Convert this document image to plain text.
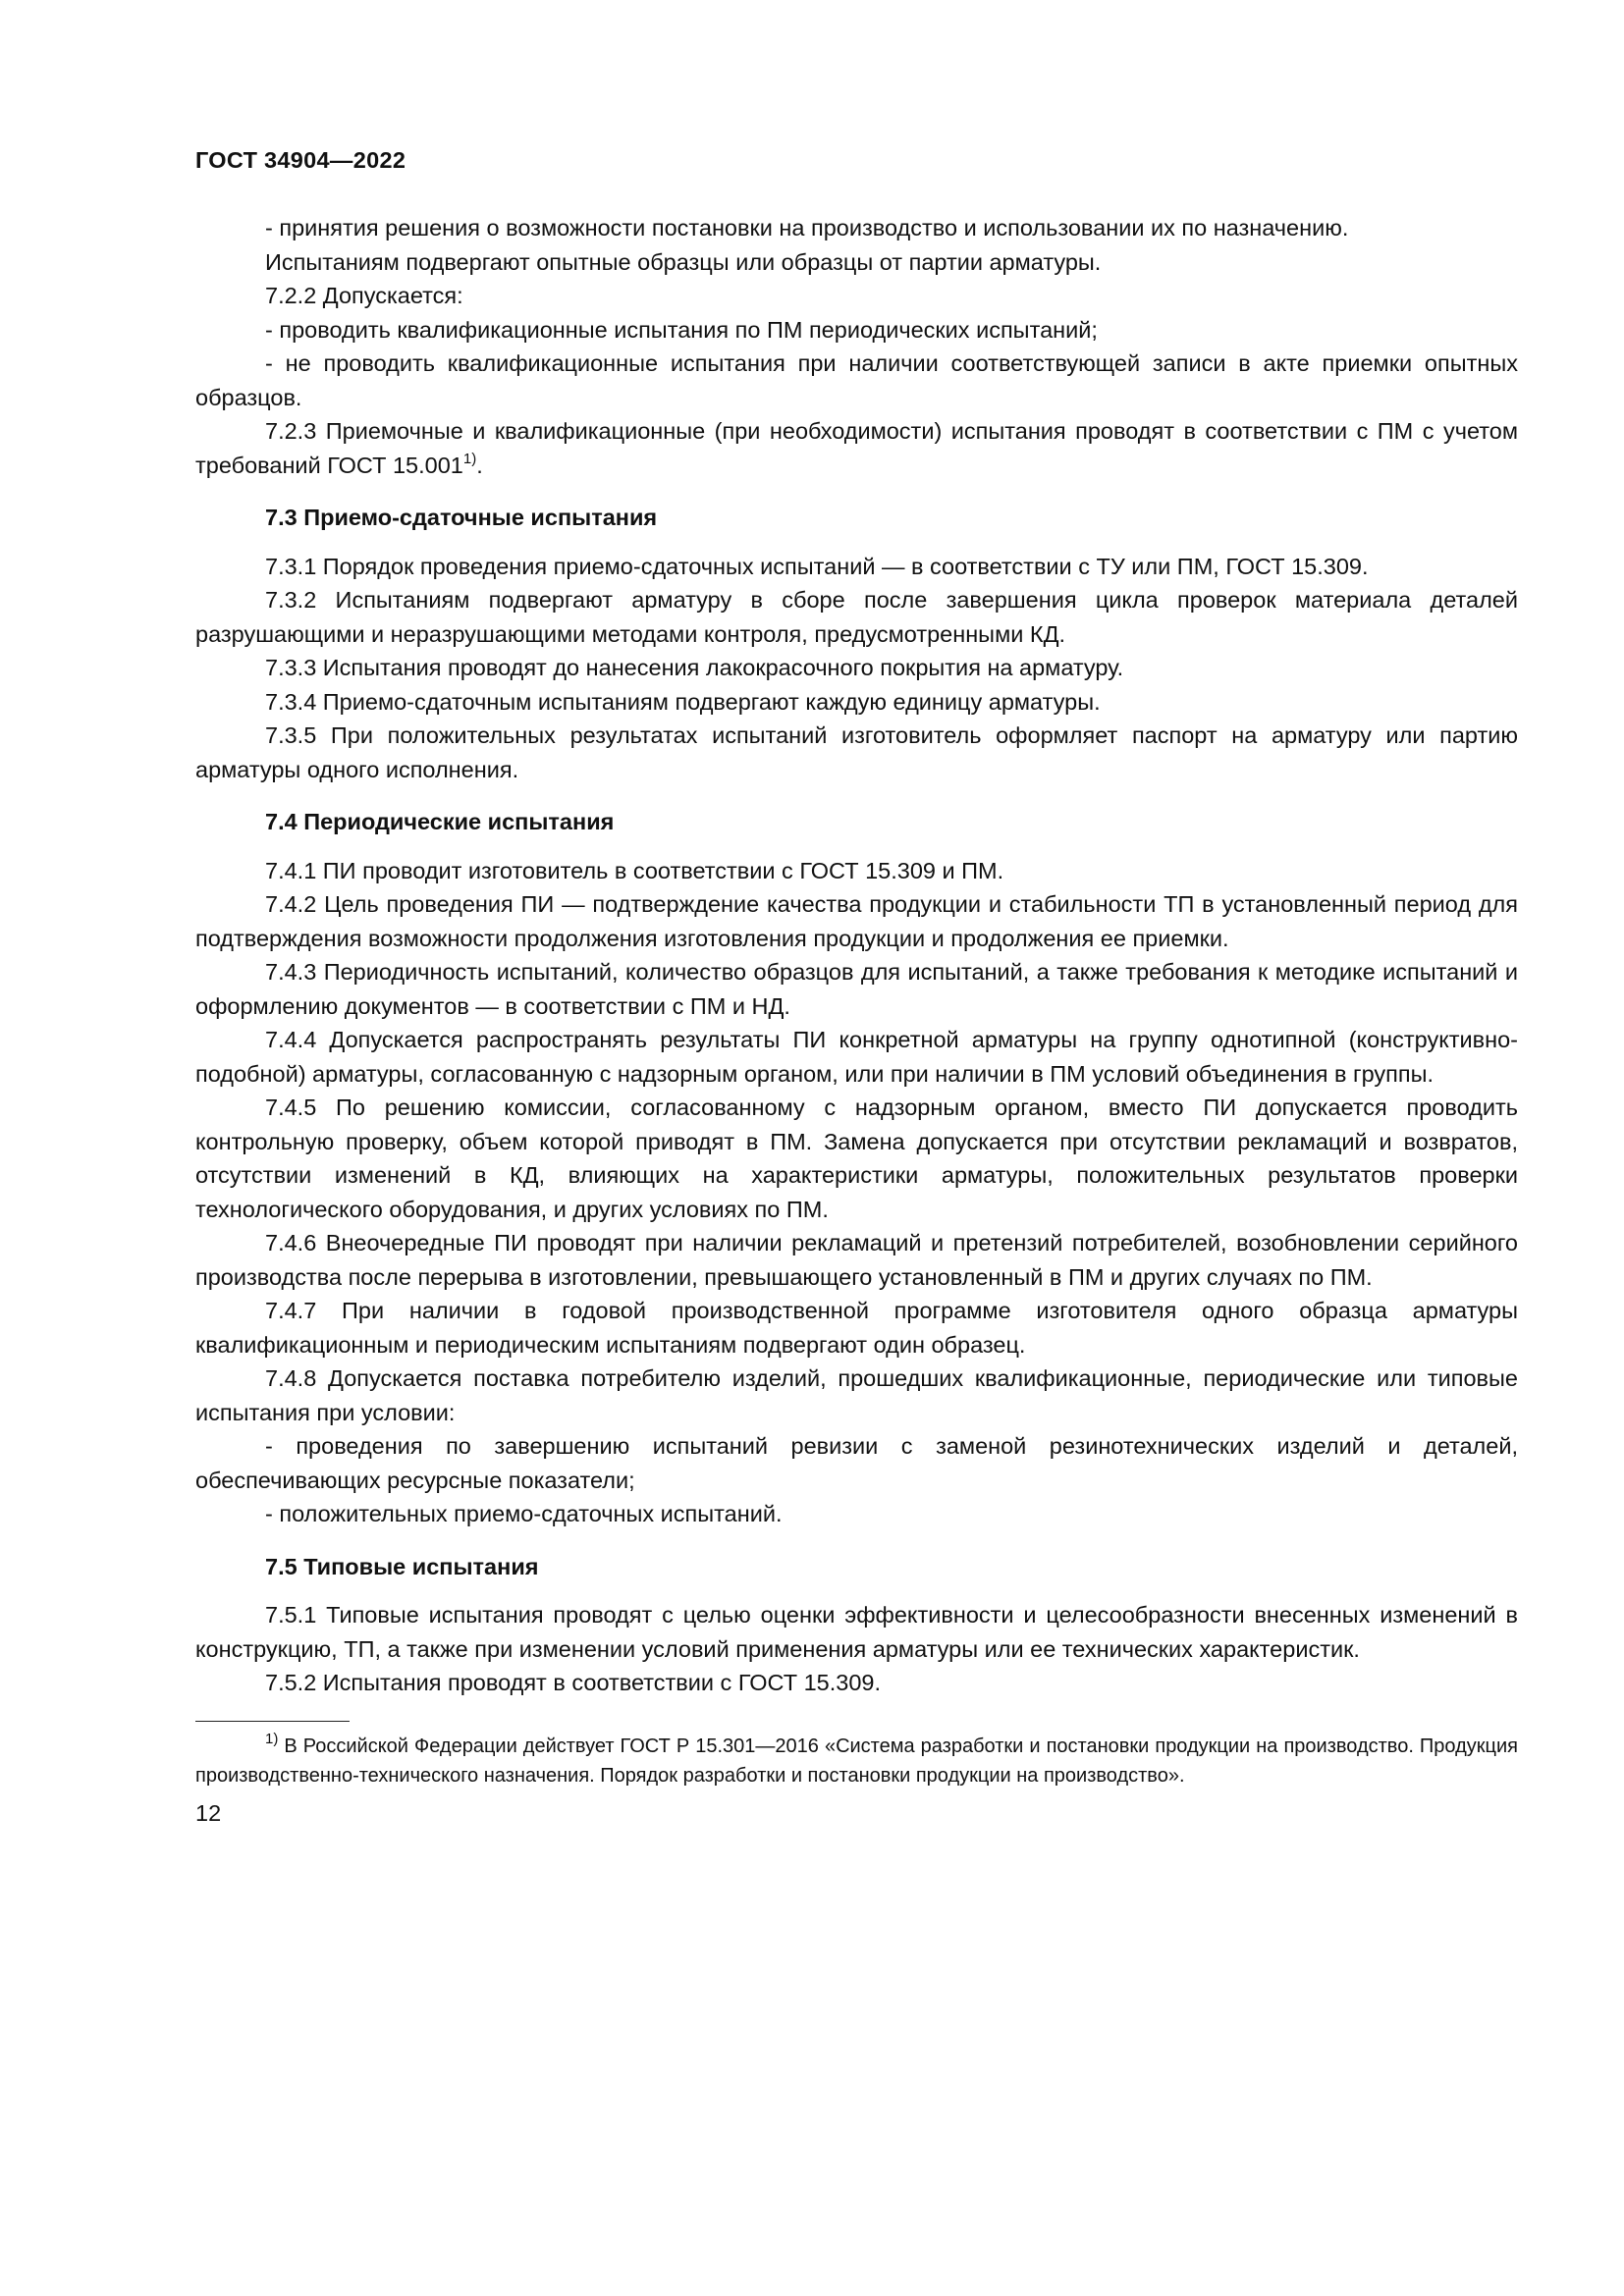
ГОСТ 34904—2022

- принятия решения о возможности постановки на производство и использовании их по назначению.

Испытаниям подвергают опытные образцы или образцы от партии арматуры.

7.2.2 Допускается:

- проводить квалификационные испытания по ПМ периодических испытаний;

- не проводить квалификационные испытания при наличии соответствующей записи в акте приемки опытных образцов.

7.2.3 Приемочные и квалификационные (при необходимости) испытания проводят в соответствии с ПМ с учетом требований ГОСТ 15.001$^{1)}$.

7.3 Приемо-сдаточные испытания

7.3.1 Порядок проведения приемо-сдаточных испытаний — в соответствии с ТУ или ПМ, ГОСТ 15.309.

7.3.2 Испытаниям подвергают арматуру в сборе после завершения цикла проверок материала деталей разрушающими и неразрушающими методами контроля, предусмотренными КД.

7.3.3 Испытания проводят до нанесения лакокрасочного покрытия на арматуру.

7.3.4 Приемо-сдаточным испытаниям подвергают каждую единицу арматуры.

7.3.5 При положительных результатах испытаний изготовитель оформляет паспорт на арматуру или партию арматуры одного исполнения.

7.4 Периодические испытания

7.4.1 ПИ проводит изготовитель в соответствии с ГОСТ 15.309 и ПМ.

7.4.2 Цель проведения ПИ — подтверждение качества продукции и стабильности ТП в установленный период для подтверждения возможности продолжения изготовления продукции и продолжения ее приемки.

7.4.3 Периодичность испытаний, количество образцов для испытаний, а также требования к методике испытаний и оформлению документов — в соответствии с ПМ и НД.

7.4.4 Допускается распространять результаты ПИ конкретной арматуры на группу однотипной (конструктивно-подобной) арматуры, согласованную с надзорным органом, или при наличии в ПМ условий объединения в группы.

7.4.5 По решению комиссии, согласованному с надзорным органом, вместо ПИ допускается проводить контрольную проверку, объем которой приводят в ПМ. Замена допускается при отсутствии рекламаций и возвратов, отсутствии изменений в КД, влияющих на характеристики арматуры, положительных результатов проверки технологического оборудования, и других условиях по ПМ.

7.4.6 Внеочередные ПИ проводят при наличии рекламаций и претензий потребителей, возобновлении серийного производства после перерыва в изготовлении, превышающего установленный в ПМ и других случаях по ПМ.

7.4.7 При наличии в годовой производственной программе изготовителя одного образца арматуры квалификационным и периодическим испытаниям подвергают один образец.

7.4.8 Допускается поставка потребителю изделий, прошедших квалификационные, периодические или типовые испытания при условии:

- проведения по завершению испытаний ревизии с заменой резинотехнических изделий и деталей, обеспечивающих ресурсные показатели;

- положительных приемо-сдаточных испытаний.

7.5 Типовые испытания

7.5.1 Типовые испытания проводят с целью оценки эффективности и целесообразности внесенных изменений в конструкцию, ТП, а также при изменении условий применения арматуры или ее технических характеристик.

7.5.2 Испытания проводят в соответствии с ГОСТ 15.309.

$^{1)}$ В Российской Федерации действует ГОСТ Р 15.301—2016 «Система разработки и постановки продукции на производство. Продукция производственно-технического назначения. Порядок разработки и постановки продукции на производство».

12
